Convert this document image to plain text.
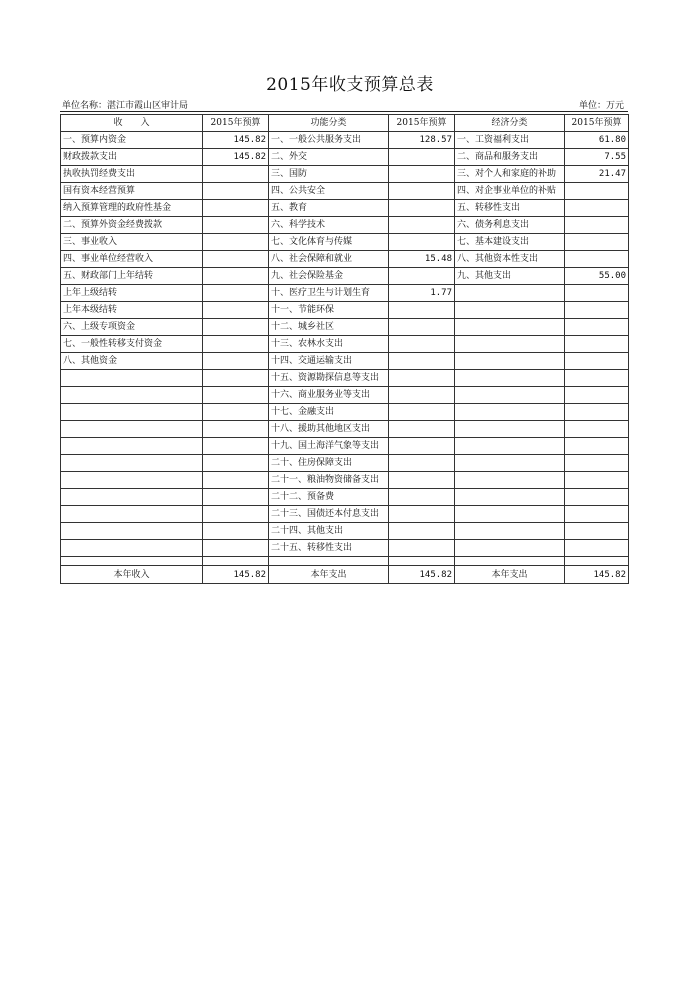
2015年收支预算总表
单位名称：湛江市霞山区审计局	单位：万元
收　　入	2015年预算	功能分类	2015年预算	经济分类	2015年预算
一、预算内资金	145.82	一、一般公共服务支出	128.57	一、工资福利支出	61.80
财政拨款支出	145.82	二、外交		二、商品和服务支出	7.55
执收执罚经费支出		三、国防		三、对个人和家庭的补助	21.47
国有资本经营预算		四、公共安全		四、对企事业单位的补贴	
纳入预算管理的政府性基金		五、教育		五、转移性支出	
二、预算外资金经费拨款		六、科学技术		六、债务利息支出	
三、事业收入		七、文化体育与传媒		七、基本建设支出	
四、事业单位经营收入		八、社会保障和就业	15.48	八、其他资本性支出	
五、财政部门上年结转		九、社会保险基金		九、其他支出	55.00
上年上级结转		十、医疗卫生与计划生育	1.77		
上年本级结转		十一、节能环保			
六、上级专项资金		十二、城乡社区			
七、一般性转移支付资金		十三、农林水支出			
八、其他资金		十四、交通运输支出			
		十五、资源勘探信息等支出			
		十六、商业服务业等支出			
		十七、金融支出			
		十八、援助其他地区支出			
		十九、国土海洋气象等支出			
		二十、住房保障支出			
		二十一、粮油物资储备支出			
		二十二、预备费			
		二十三、国债还本付息支出			
		二十四、其他支出			
		二十五、转移性支出			

本年收入	145.82	本年支出	145.82	本年支出	145.82
